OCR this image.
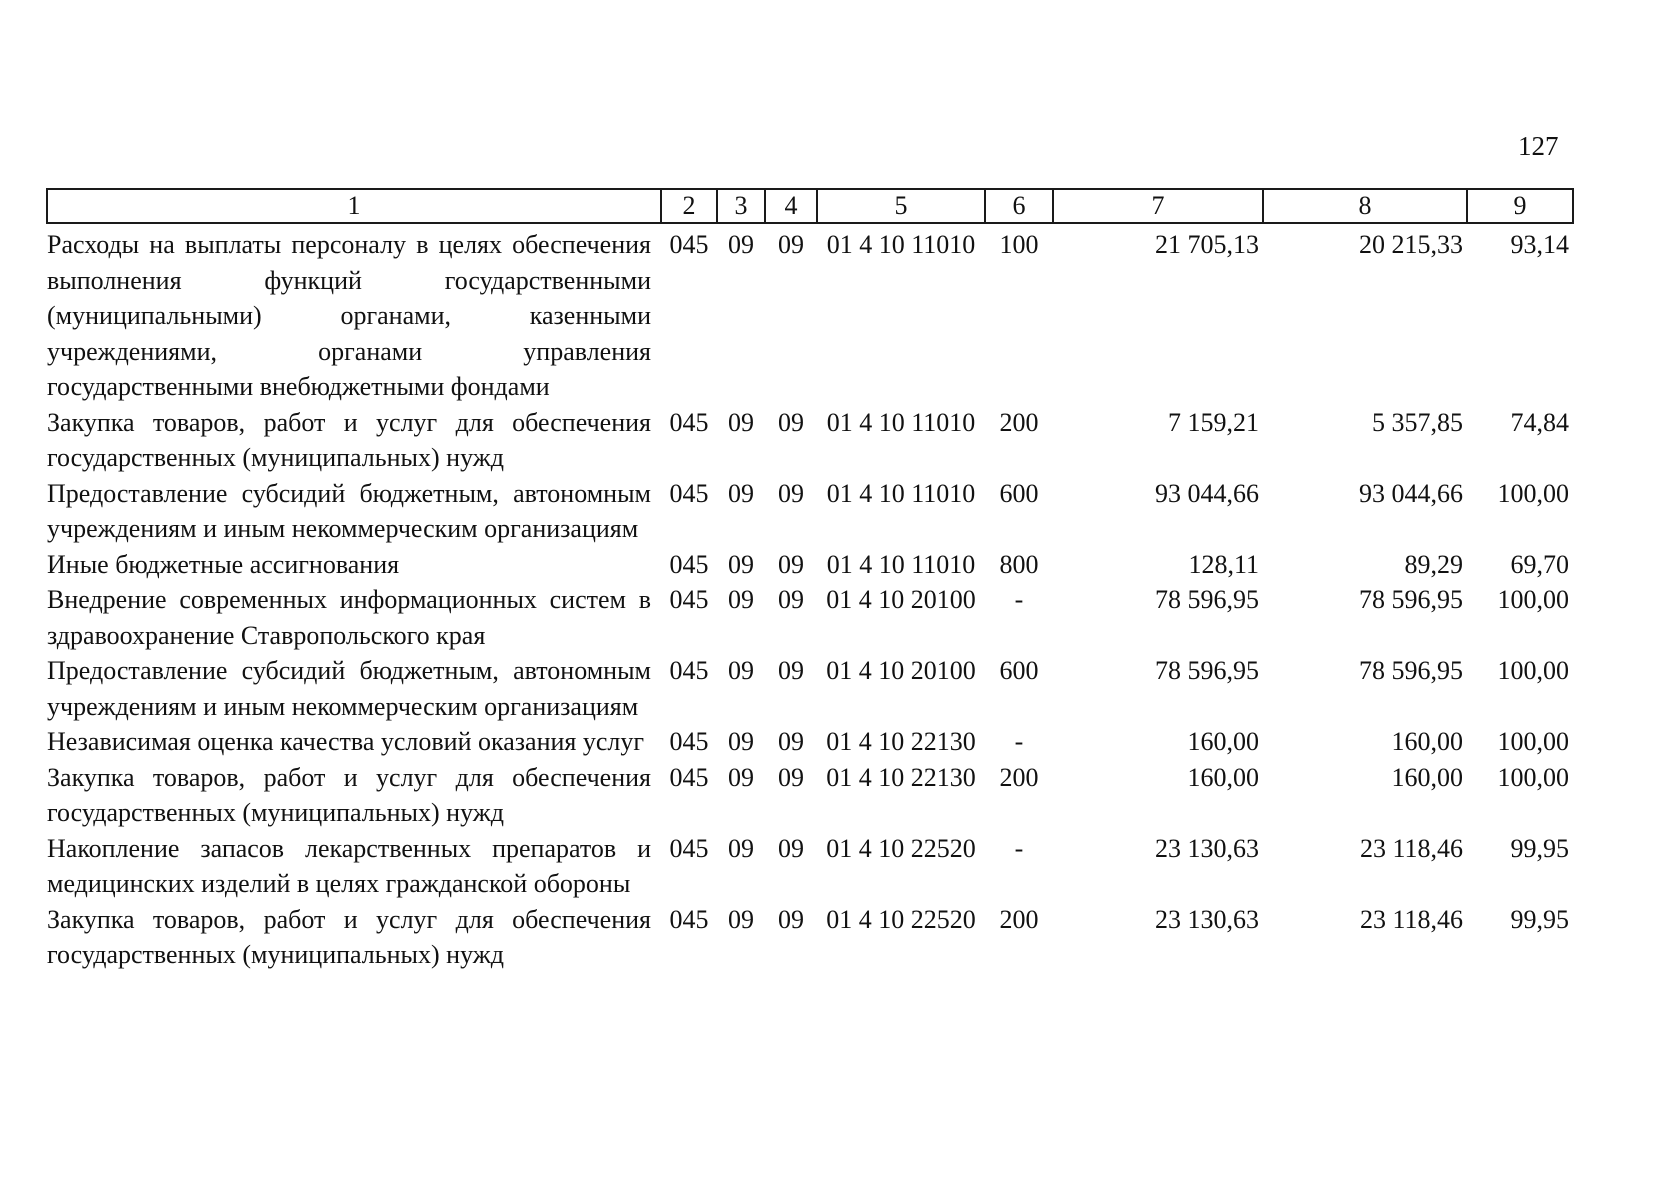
127
1	2	3	4	5	6	7	8	9
Расходы на выплаты персоналу в целях обеспечения выполнения функций государственными (муниципальными) органами, казенными учреждениями, органами управления государственными внебюджетными фондами	045	09	09	01 4 10 11010	100	21 705,13	20 215,33	93,14
Закупка товаров, работ и услуг для обеспечения государственных (муниципальных) нужд	045	09	09	01 4 10 11010	200	7 159,21	5 357,85	74,84
Предоставление субсидий бюджетным, автономным учреждениям и иным некоммерческим организациям	045	09	09	01 4 10 11010	600	93 044,66	93 044,66	100,00
Иные бюджетные ассигнования	045	09	09	01 4 10 11010	800	128,11	89,29	69,70
Внедрение современных информационных систем в здравоохранение Ставропольского края	045	09	09	01 4 10 20100	-	78 596,95	78 596,95	100,00
Предоставление субсидий бюджетным, автономным учреждениям и иным некоммерческим организациям	045	09	09	01 4 10 20100	600	78 596,95	78 596,95	100,00
Независимая оценка качества условий оказания услуг	045	09	09	01 4 10 22130	-	160,00	160,00	100,00
Закупка товаров, работ и услуг для обеспечения государственных (муниципальных) нужд	045	09	09	01 4 10 22130	200	160,00	160,00	100,00
Накопление запасов лекарственных препаратов и медицинских изделий в целях гражданской обороны	045	09	09	01 4 10 22520	-	23 130,63	23 118,46	99,95
Закупка товаров, работ и услуг для обеспечения государственных (муниципальных) нужд	045	09	09	01 4 10 22520	200	23 130,63	23 118,46	99,95
